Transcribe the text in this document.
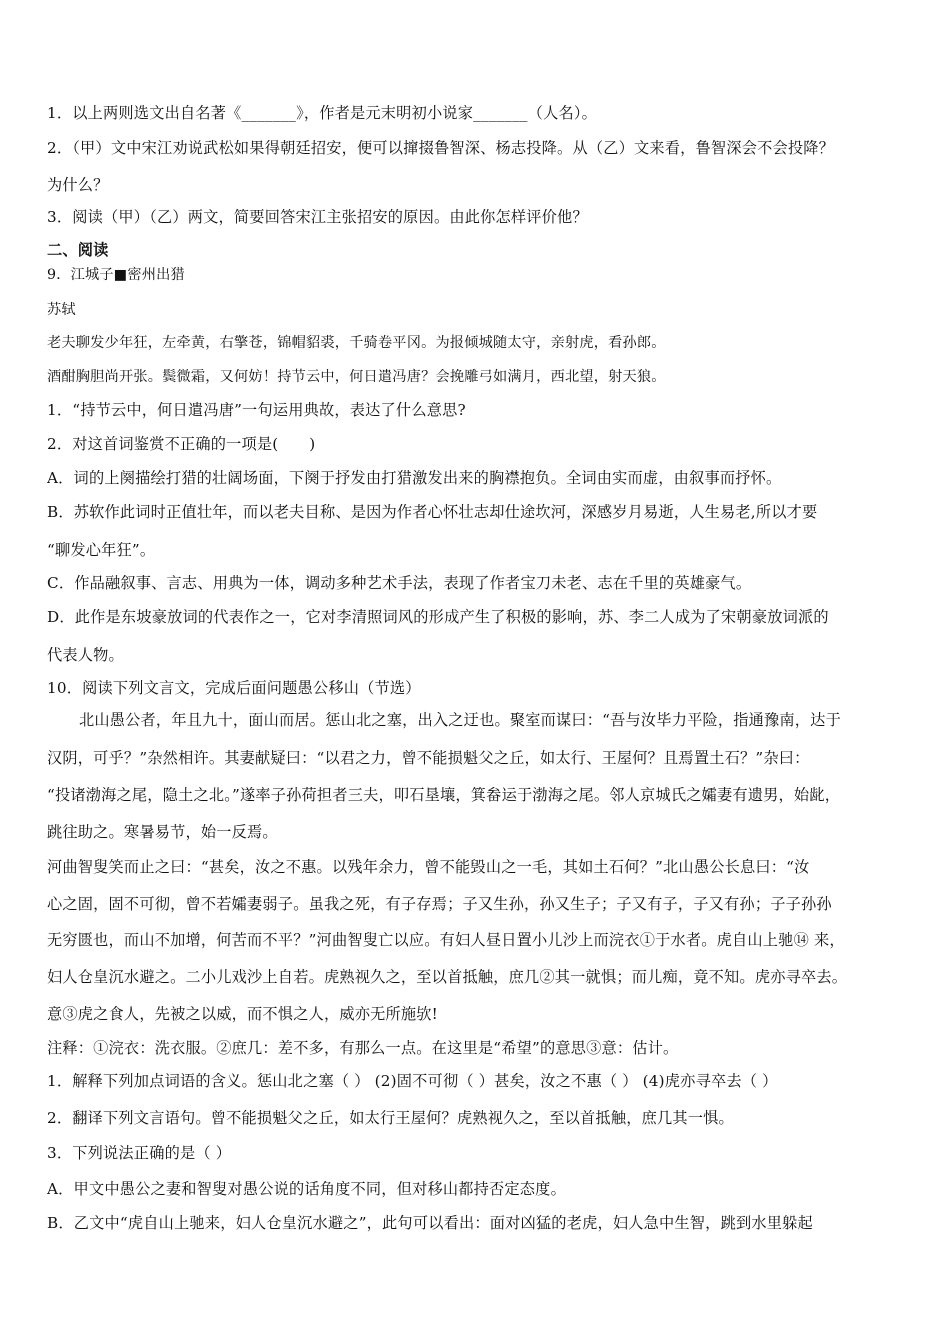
1．以上两则选文出自名著《_______》，作者是元末明初小说家_______（人名）。
2．（甲）文中宋江劝说武松如果得朝廷招安，便可以撺掇鲁智深、杨志投降。从（乙）文来看，鲁智深会不会投降？
为什么？
3．阅读（甲）（乙）两文，简要回答宋江主张招安的原因。由此你怎样评价他？
二、阅读
9．江城子■密州出猎
苏轼
老夫聊发少年狂，左牵黄，右擎苍，锦帽貂裘，千骑卷平冈。为报倾城随太守，亲射虎，看孙郎。
酒酣胸胆尚开张。鬓微霜，又何妨！持节云中，何日遣冯唐？会挽雕弓如满月，西北望，射天狼。
1．“持节云中，何日遣冯唐”一句运用典故，表达了什么意思?
2．对这首词鉴赏不正确的一项是(　　)
A．词的上阕描绘打猎的壮阔场面，下阕于抒发由打猎激发出来的胸襟抱负。全词由实而虚，由叙事而抒怀。
B．苏软作此词时正值壮年，而以老夫目称、是因为作者心怀壮志却仕途坎河，深感岁月易逝，人生易老,所以才要
“聊发心年狂”。
C．作品融叙事、言志、用典为一体，调动多种艺术手法，表现了作者宝刀未老、志在千里的英雄豪气。
D．此作是东坡豪放词的代表作之一，它对李清照词风的形成产生了积极的影响，苏、李二人成为了宋朝豪放词派的
代表人物。
10．阅读下列文言文，完成后面问题愚公移山（节选）
北山愚公者，年且九十，面山而居。惩山北之塞，出入之迂也。聚室而谋曰：“吾与汝毕力平险，指通豫南，达于
汉阴，可乎？”杂然相许。其妻献疑曰：“以君之力，曾不能损魁父之丘，如太行、王屋何？且焉置土石？”杂曰：
“投诸渤海之尾，隐土之北。”遂率子孙荷担者三夫，叩石垦壤，箕畚运于渤海之尾。邻人京城氏之孀妻有遗男，始龀，
跳往助之。寒暑易节，始一反焉。
河曲智叟笑而止之曰：“甚矣，汝之不惠。以残年余力，曾不能毁山之一毛，其如土石何？”北山愚公长息曰：“汝
心之固，固不可彻，曾不若孀妻弱子。虽我之死，有子存焉；子又生孙，孙又生子；子又有子，子又有孙；子子孙孙
无穷匮也，而山不加增，何苦而不平？”河曲智叟亡以应。有妇人昼日置小儿沙上而浣衣①于水者。虎自山上驰⑭ 来，
妇人仓皇沉水避之。二小儿戏沙上自若。虎熟视久之，至以首抵触，庶几②其一就惧；而儿痴，竟不知。虎亦寻卒去。
意③虎之食人，先被之以威，而不惧之人，威亦无所施欤!
注释：①浣衣：洗衣服。②庶几：差不多，有那么一点。在这里是“希望”的意思③意：估计。
1．解释下列加点词语的含义。惩山北之塞（ ） (2)固不可彻（ ）甚矣，汝之不惠（ ） (4)虎亦寻卒去（ ）
2．翻译下列文言语句。曾不能损魁父之丘，如太行王屋何？虎熟视久之，至以首抵触，庶几其一惧。
3．下列说法正确的是（ ）
A．甲文中愚公之妻和智叟对愚公说的话角度不同，但对移山都持否定态度。
B．乙文中“虎自山上驰来，妇人仓皇沉水避之”，此句可以看出：面对凶猛的老虎，妇人急中生智，跳到水里躲起
